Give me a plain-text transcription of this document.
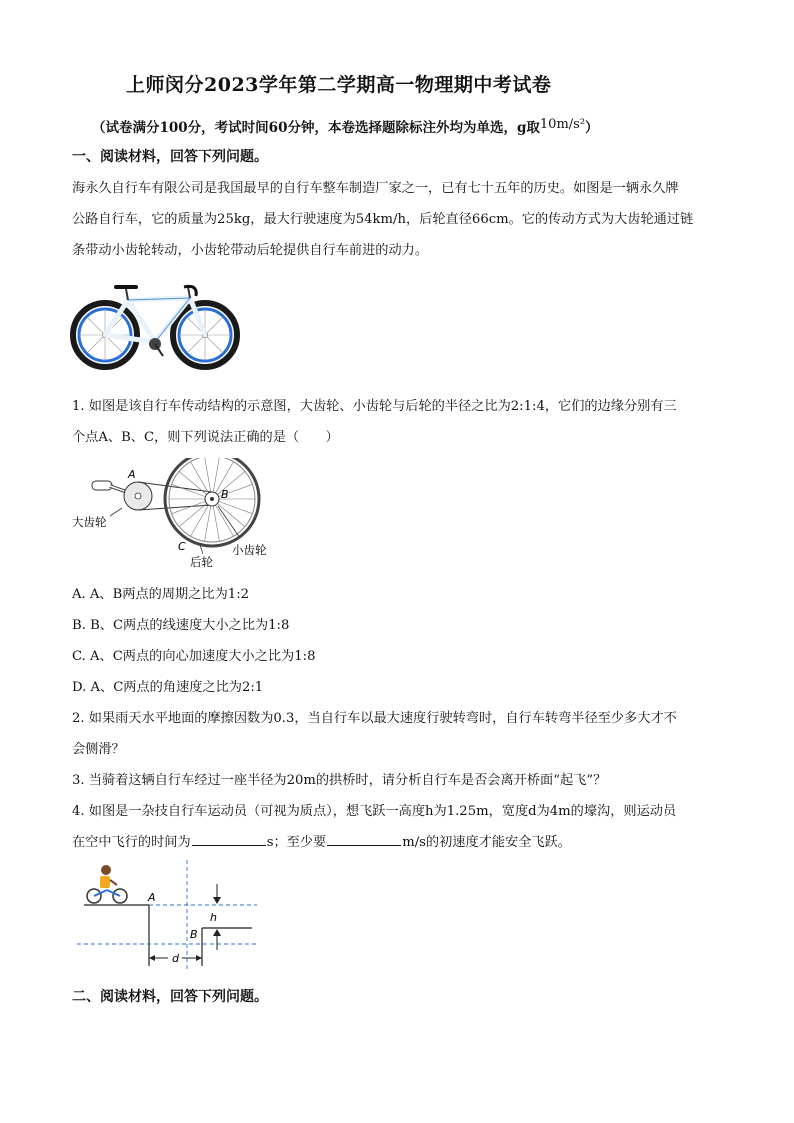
上师闵分2023学年第二学期高一物理期中考试卷
（试卷满分100分，考试时间60分钟，本卷选择题除标注外均为单选，g取10m/s²）
一、阅读材料，回答下列问题。
海永久自行车有限公司是我国最早的自行车整车制造厂家之一，已有七十五年的历史。如图是一辆永久牌
公路自行车，它的质量为25kg，最大行驶速度为54km/h，后轮直径66cm。它的传动方式为大齿轮通过链
条带动小齿轮转动，小齿轮带动后轮提供自行车前进的动力。
1. 如图是该自行车传动结构的示意图，大齿轮、小齿轮与后轮的半径之比为2:1:4，它们的边缘分别有三
个点A、B、C，则下列说法正确的是（　　）
A
B
C
大齿轮
小齿轮
后轮
A. A、B两点的周期之比为1:2
B. B、C两点的线速度大小之比为1:8
C. A、C两点的向心加速度大小之比为1:8
D. A、C两点的角速度之比为2:1
2. 如果雨天水平地面的摩擦因数为0.3，当自行车以最大速度行驶转弯时，自行车转弯半径至少多大才不
会侧滑？
3. 当骑着这辆自行车经过一座半径为20m的拱桥时，请分析自行车是否会离开桥面“起飞”？
4. 如图是一杂技自行车运动员（可视为质点），想飞跃一高度h为1.25m，宽度d为4m的壕沟，则运动员
在空中飞行的时间为	s；至少要	m/s的初速度才能安全飞跃。
A
B
h
d
二、阅读材料，回答下列问题。
